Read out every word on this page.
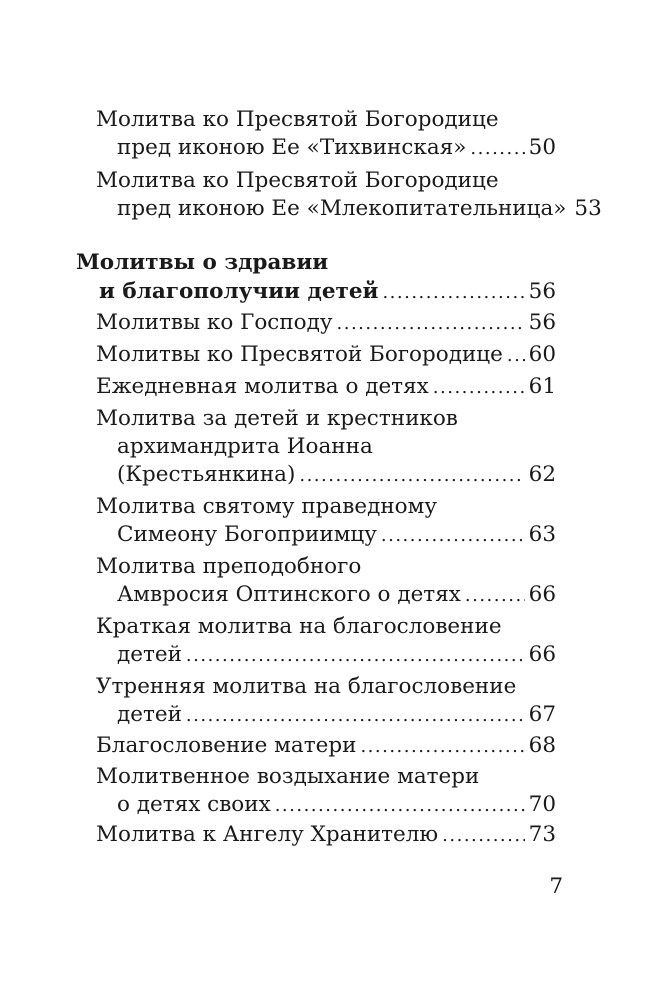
Молитва ко Пресвятой Богородице
пред иконою Ее «Тихвинская» .....	50
Молитва ко Пресвятой Богородице
пред иконою Ее «Млекопитательница» 53
Молитвы о здравии
и благополучии детей .....	56
Молитвы ко Господу .....	56
Молитвы ко Пресвятой Богородице ..... 60
Ежедневная молитва о детях .....	61
Молитва за детей и крестников
архимандрита Иоанна
(Крестьянкина) .....	62
Молитва святому праведному
Симеону Богоприимцу .....	63
Молитва преподобного
Амвросия Оптинского о детях .....	66
Краткая молитва на благословение
детей .....	66
Утренняя молитва на благословение
детей .....	67
Благословение матери .....	68
Молитвенное воздыхание матери
о детях своих .....	70
Молитва к Ангелу Хранителю .....	73
7
